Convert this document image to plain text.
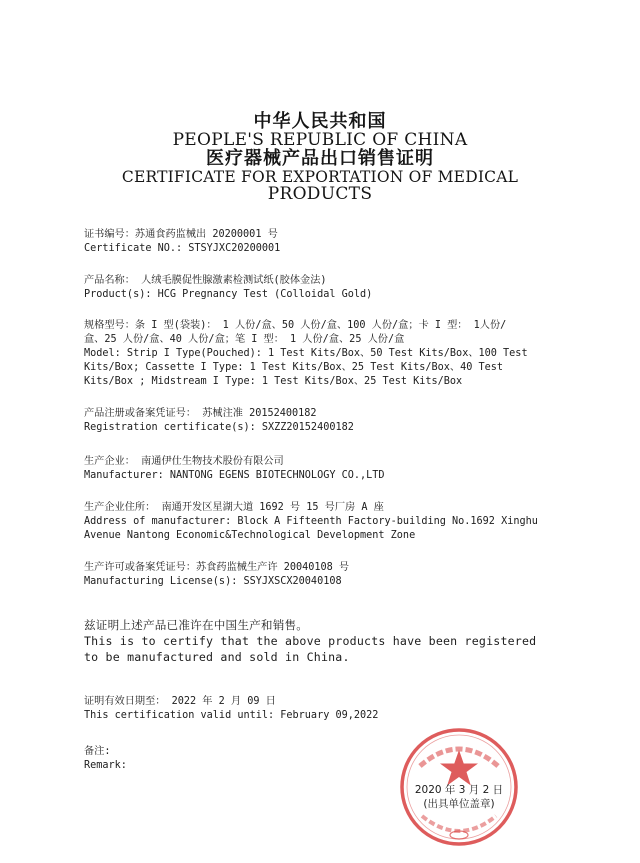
中华人民共和国
PEOPLE'S REPUBLIC OF CHINA
医疗器械产品出口销售证明
CERTIFICATE FOR EXPORTATION OF MEDICAL
PRODUCTS
证书编号：苏通食药监械出 20200001 号
Certificate NO.: STSYJXC20200001
产品名称： 人绒毛膜促性腺激素检测试纸(胶体金法)
Product(s): HCG Pregnancy Test (Colloidal Gold)
规格型号：条 I 型(袋装)： 1 人份/盒、50 人份/盒、100 人份/盒；卡 I 型： 1人份/
盒、25 人份/盒、40 人份/盒；笔 I 型： 1 人份/盒、25 人份/盒
Model: Strip I Type(Pouched): 1 Test Kits/Box、50 Test Kits/Box、100 Test
Kits/Box; Cassette I Type: 1 Test Kits/Box、25 Test Kits/Box、40 Test
Kits/Box ; Midstream I Type: 1 Test Kits/Box、25 Test Kits/Box
产品注册或备案凭证号： 苏械注准 20152400182
Registration certificate(s): SXZZ20152400182
生产企业： 南通伊仕生物技术股份有限公司
Manufacturer: NANTONG EGENS BIOTECHNOLOGY CO.,LTD
生产企业住所： 南通开发区星湖大道 1692 号 15 号厂房 A 座
Address of manufacturer: Block A Fifteenth Factory-building No.1692 Xinghu
Avenue Nantong Economic&Technological Development Zone
生产许可或备案凭证号：苏食药监械生产许 20040108 号
Manufacturing License(s): SSYJXSCX20040108
兹证明上述产品已准许在中国生产和销售。
This is to certify that the above products have been registered
to be manufactured and sold in China.
证明有效日期至： 2022 年 2 月 09 日
This certification valid until: February 09,2022
备注:
Remark:
2020 年 3 月 2 日
(出具单位盖章)
